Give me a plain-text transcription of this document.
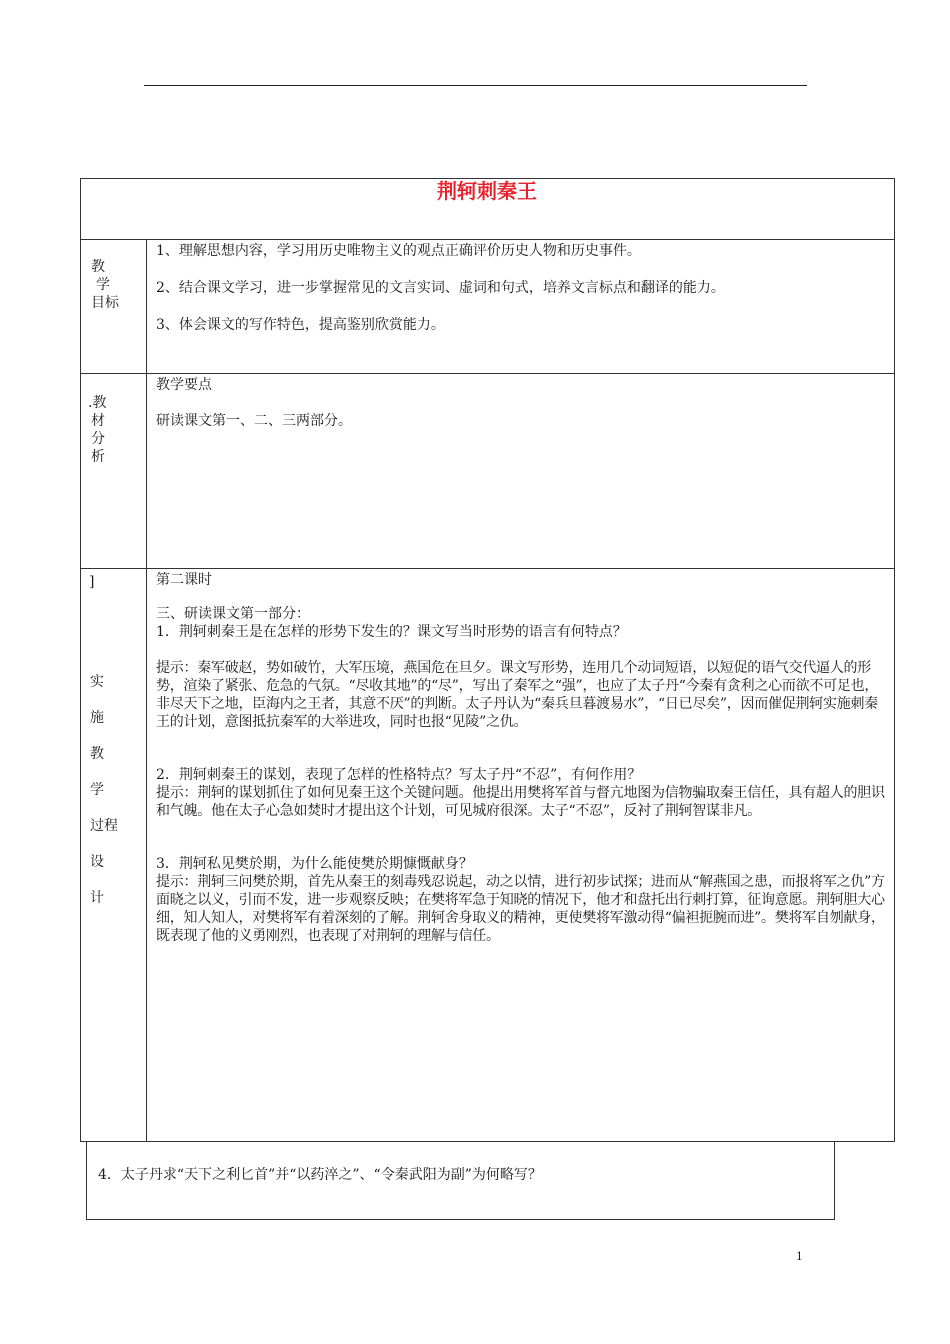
荆轲刺秦王
教
学
目标
1、理解思想内容，学习用历史唯物主义的观点正确评价历史人物和历史事件。
2、结合课文学习，进一步掌握常见的文言实词、虚词和句式，培养文言标点和翻译的能力。
3、体会课文的写作特色，提高鉴别欣赏能力。
.教
材
分
析
教学要点
研读课文第一、二、三两部分。
]
实
施
教
学
过程
设
计
第二课时
三、研读课文第一部分：
1．荆轲刺秦王是在怎样的形势下发生的？课文写当时形势的语言有何特点？
提示：秦军破赵，势如破竹，大军压境，燕国危在旦夕。课文写形势，连用几个动词短语，以短促的语气交代逼人的形势，渲染了紧张、危急的气氛。“尽收其地”的“尽”，写出了秦军之“强”，也应了太子丹“今秦有贪利之心而欲不可足也，非尽天下之地，臣海内之王者，其意不厌”的判断。太子丹认为“秦兵旦暮渡易水”，“日已尽矣”，因而催促荆轲实施刺秦王的计划，意图抵抗秦军的大举进攻，同时也报“见陵”之仇。
2．荆轲刺秦王的谋划，表现了怎样的性格特点？写太子丹“不忍”，有何作用？
提示：荆轲的谋划抓住了如何见秦王这个关键问题。他提出用樊将军首与督亢地图为信物骗取秦王信任，具有超人的胆识和气魄。他在太子心急如焚时才提出这个计划，可见城府很深。太子“不忍”，反衬了荆轲智谋非凡。
3．荆轲私见樊於期，为什么能使樊於期慷慨献身？
提示：荆轲三问樊於期，首先从秦王的刻毒残忍说起，动之以情，进行初步试探；进而从“解燕国之患，而报将军之仇”方面晓之以义，引而不发，进一步观察反映；在樊将军急于知晓的情况下，他才和盘托出行刺打算，征询意愿。荆轲胆大心细，知人知人，对樊将军有着深刻的了解。荆轲舍身取义的精神，更使樊将军激动得“偏袒扼腕而进”。樊将军自刎献身，既表现了他的义勇刚烈，也表现了对荆轲的理解与信任。
4．太子丹求“天下之利匕首”并“以药淬之”、“令秦武阳为副”为何略写？
1
